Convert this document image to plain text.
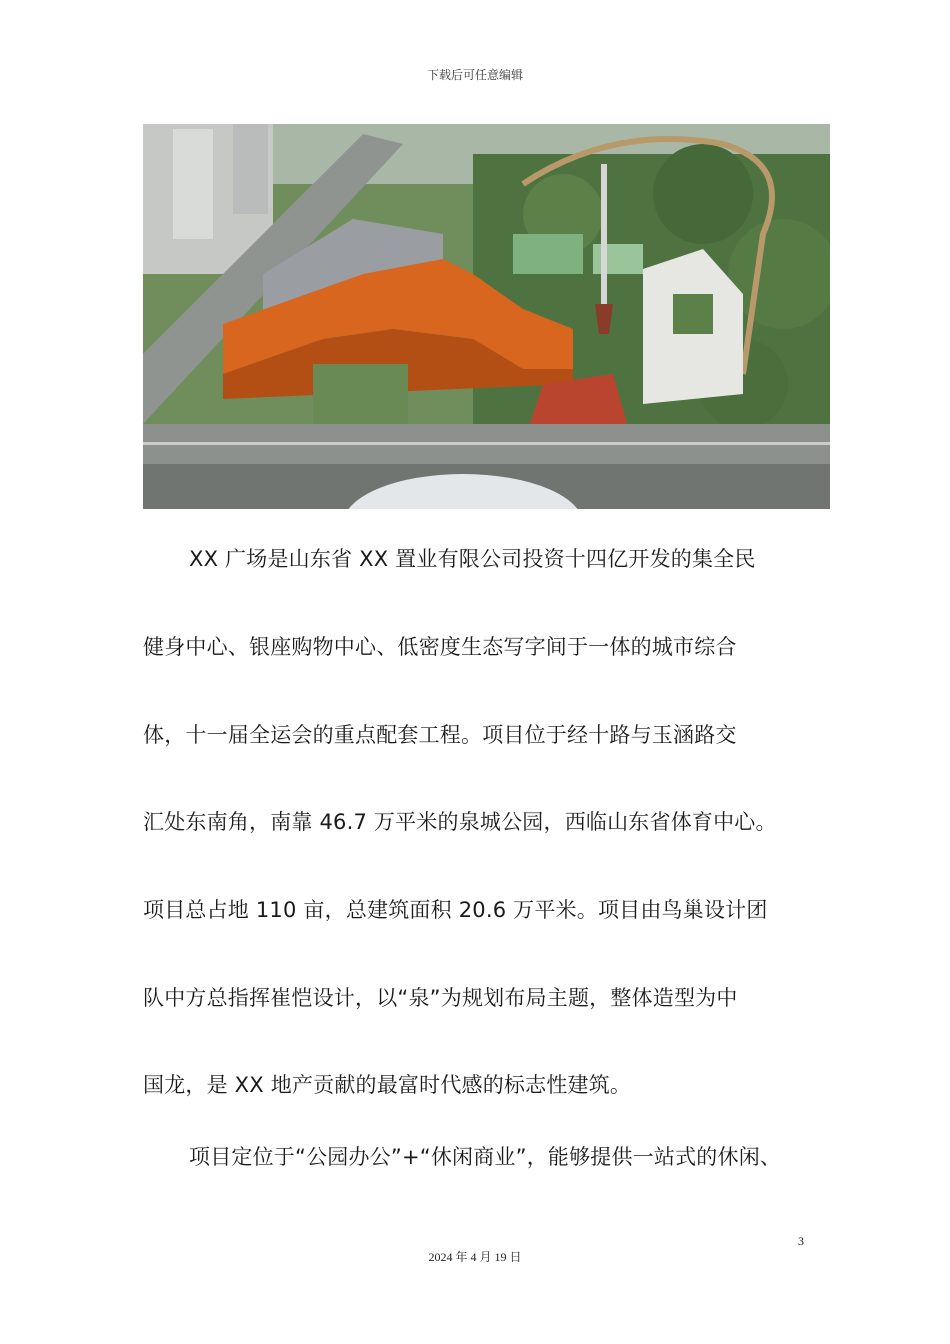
下载后可任意编辑
XX 广场是山东省 XX 置业有限公司投资十四亿开发的集全民
健身中心、银座购物中心、低密度生态写字间于一体的城市综合
体，十一届全运会的重点配套工程。项目位于经十路与玉涵路交
汇处东南角，南靠 46.7 万平米的泉城公园，西临山东省体育中心。
项目总占地 110 亩，总建筑面积 20.6 万平米。项目由鸟巢设计团
队中方总指挥崔恺设计，以“泉”为规划布局主题，整体造型为中
国龙，是 XX 地产贡献的最富时代感的标志性建筑。
项目定位于“公园办公”+“休闲商业”，能够提供一站式的休闲、
3
2024 年 4 月 19 日
